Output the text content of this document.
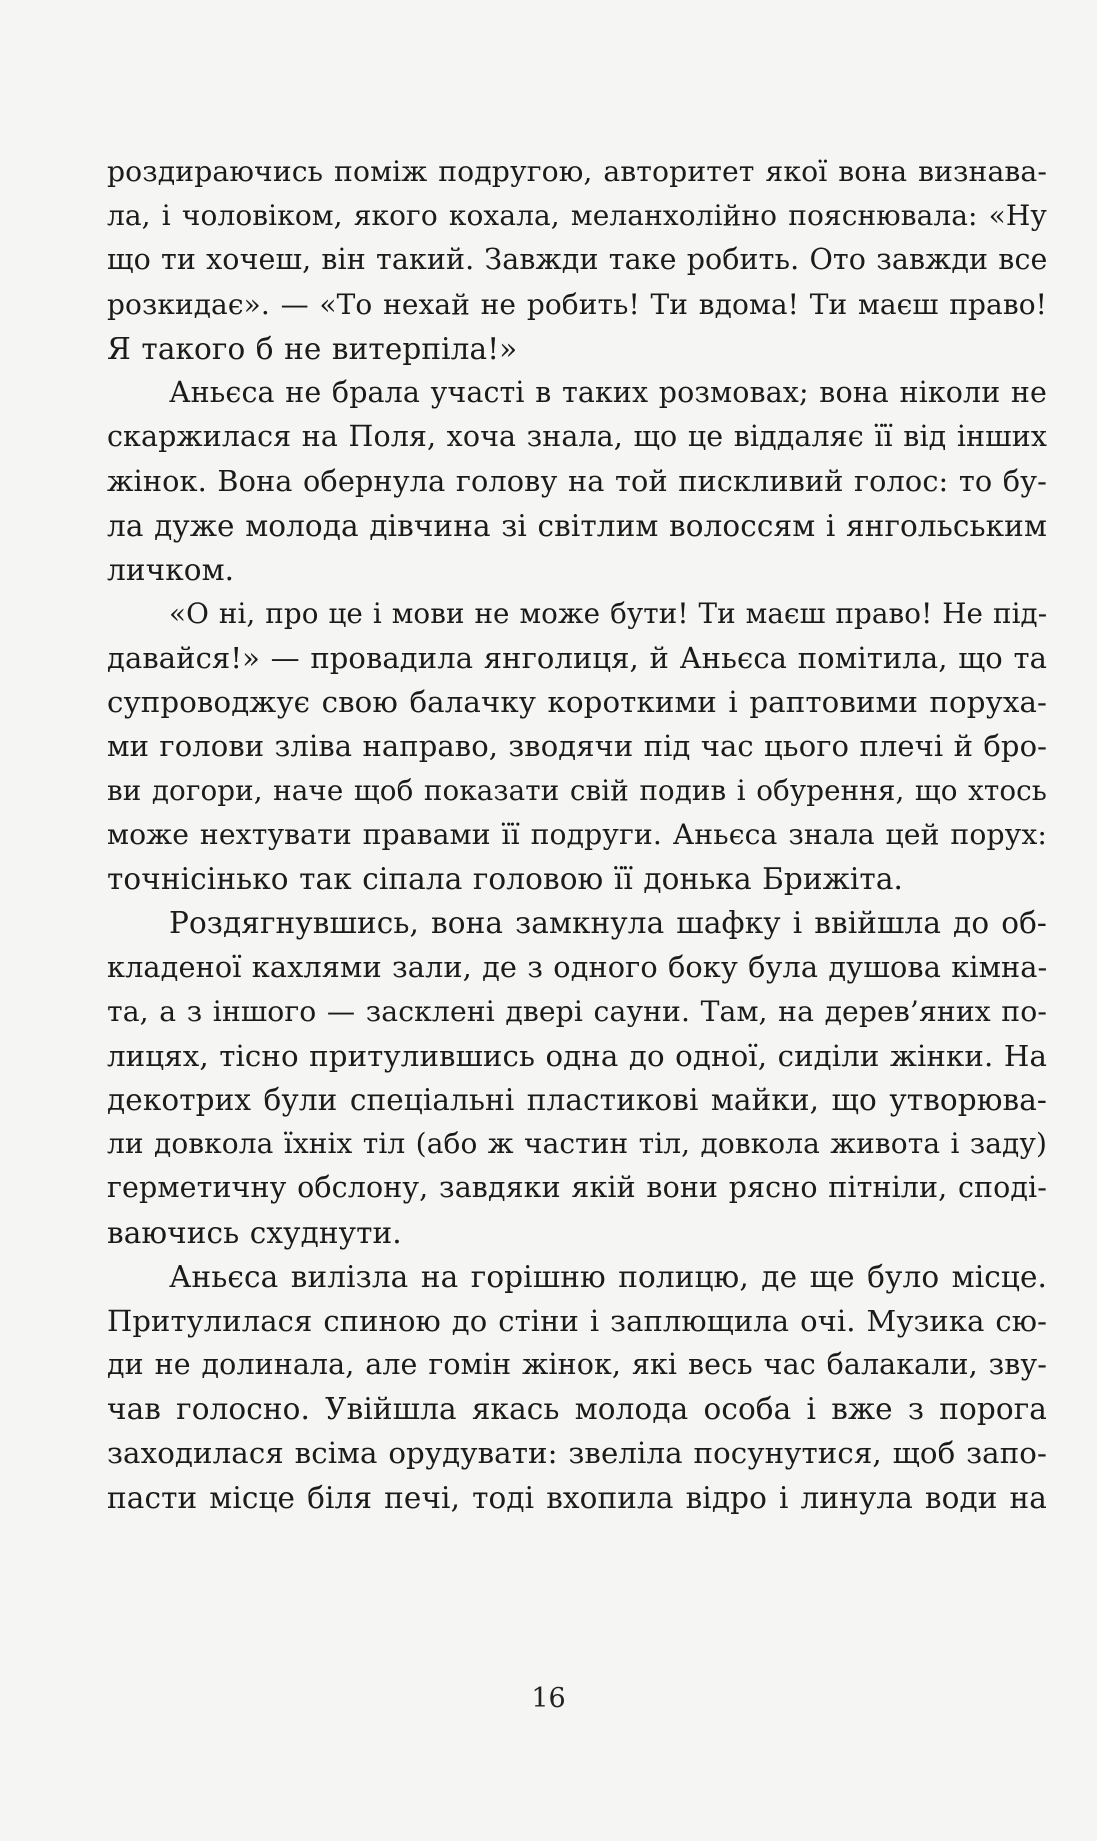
роздираючись поміж подругою, авторитет якої вона визнава-
ла, і чоловіком, якого кохала, меланхолійно пояснювала: «Ну
що ти хочеш, він такий. Завжди таке робить. Ото завжди все
розкидає». — «То нехай не робить! Ти вдома! Ти маєш право!
Я такого б не витерпіла!»
Аньєса не брала участі в таких розмовах; вона ніколи не
скаржилася на Поля, хоча знала, що це віддаляє її від інших
жінок. Вона обернула голову на той пискливий голос: то бу-
ла дуже молода дівчина зі світлим волоссям і янгольським
личком.
«О ні, про це і мови не може бути! Ти маєш право! Не під-
давайся!» — провадила янголиця, й Аньєса помітила, що та
супроводжує свою балачку короткими і раптовими поруха-
ми голови зліва направо, зводячи під час цього плечі й бро-
ви догори, наче щоб показати свій подив і обурення, що хтось
може нехтувати правами її подруги. Аньєса знала цей порух:
точнісінько так сіпала головою її донька Брижіта.
Роздягнувшись, вона замкнула шафку і ввійшла до об-
кладеної кахлями зали, де з одного боку була душова кімна-
та, а з іншого — засклені двері сауни. Там, на дерев’яних по-
лицях, тісно притулившись одна до одної, сиділи жінки. На
декотрих були спеціальні пластикові майки, що утворюва-
ли довкола їхніх тіл (або ж частин тіл, довкола живота і заду)
герметичну обслону, завдяки якій вони рясно пітніли, споді-
ваючись схуднути.
Аньєса вилізла на горішню полицю, де ще було місце.
Притулилася спиною до стіни і заплющила очі. Музика сю-
ди не долинала, але гомін жінок, які весь час балакали, зву-
чав голосно. Увійшла якась молода особа і вже з порога
заходилася всіма орудувати: звеліла посунутися, щоб запо-
пасти місце біля печі, тоді вхопила відро і линула води на
16
